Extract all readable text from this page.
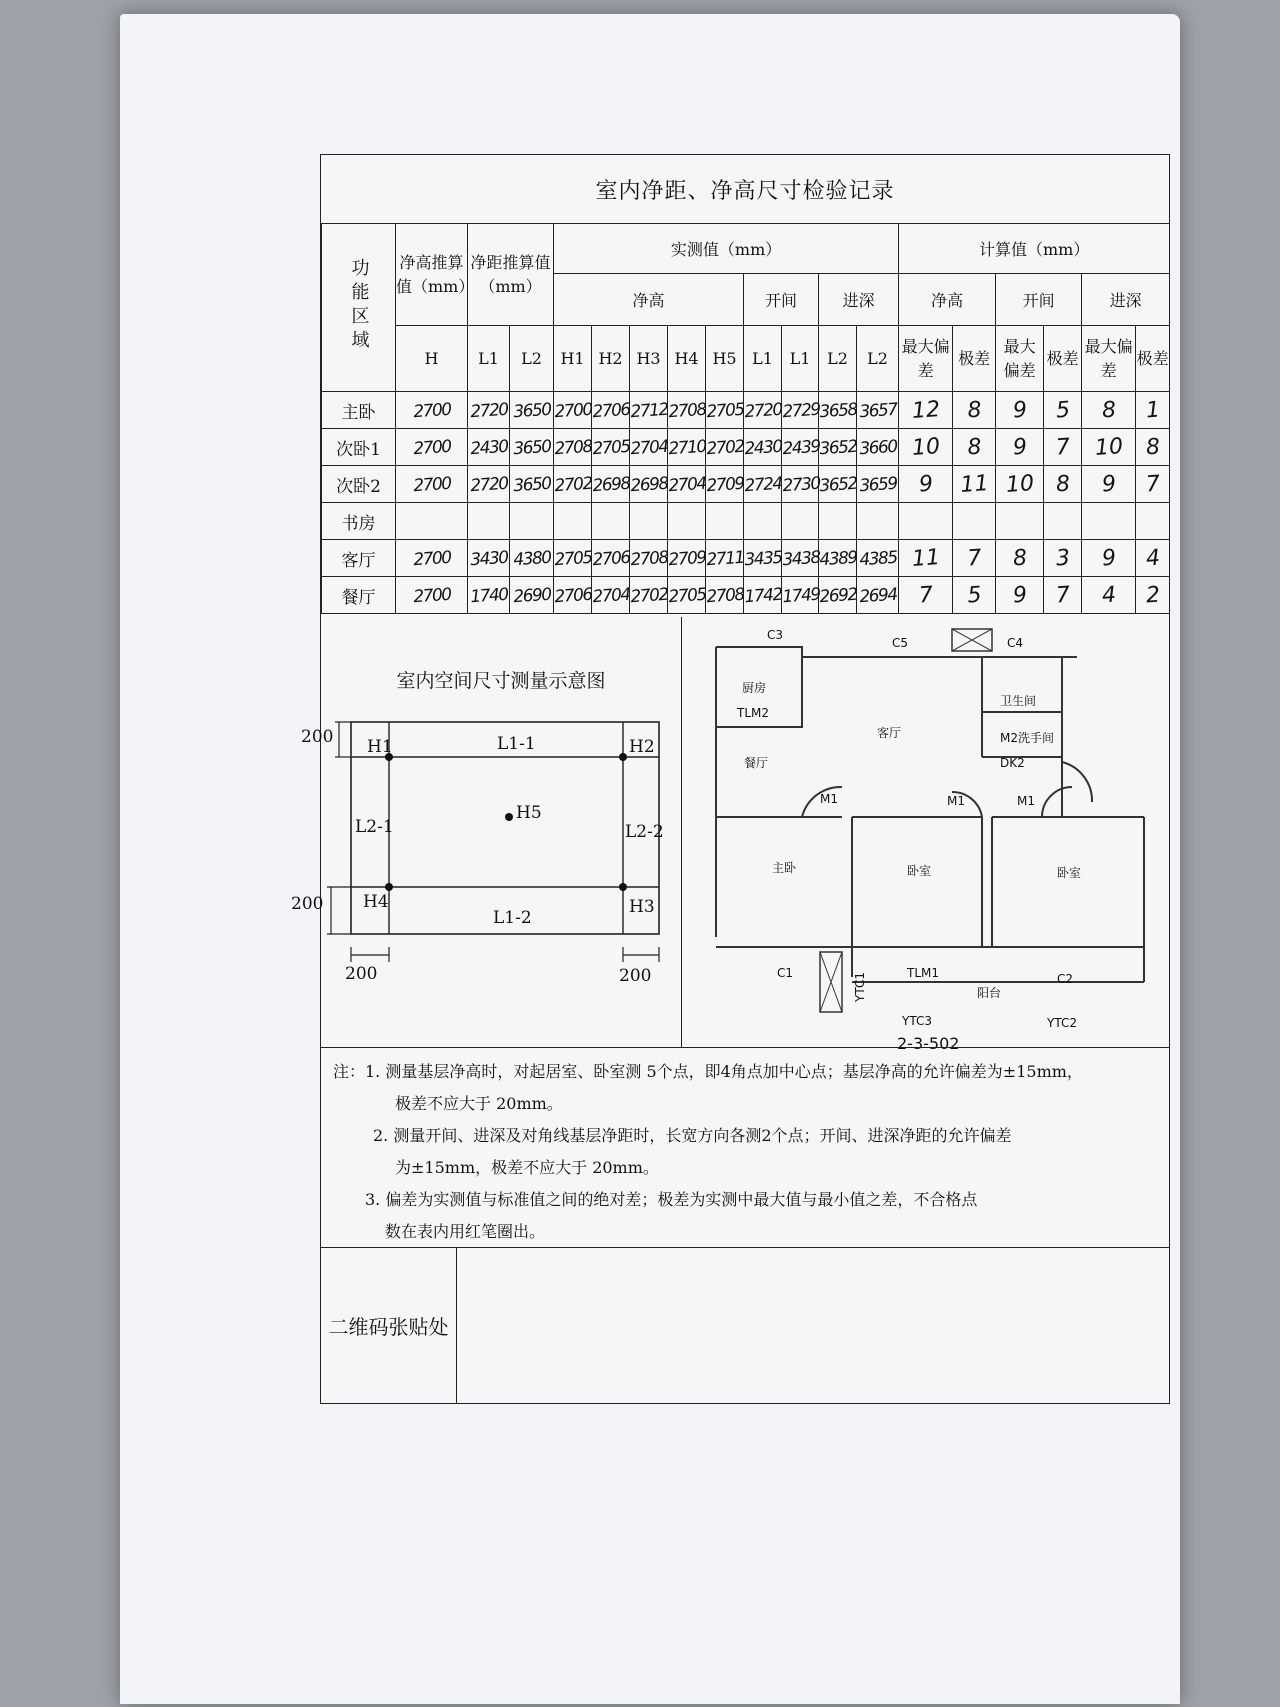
室内净距、净高尺寸检验记录
功能区域	净高推算值（mm）	净距推算值（mm）		实测值（mm）									计算值（mm）					
				净高					开间		进深		净高		开间		进深	
	H	L1	L2	H1	H2	H3	H4	H5	L1	L1	L2	L2	最大偏差	极差	最大偏差	极差	最大偏差	极差
主卧	2700	2720	3650	2700	2706	2712	2708	2705	2720	2729	3658	3657	12	8	9	5	8	1
次卧1	2700	2430	3650	2708	2705	2704	2710	2702	2430	2439	3652	3660	10	8	9	7	10	8
次卧2	2700	2720	3650	2702	2698	2698	2704	2709	2724	2730	3652	3659	9	11	10	8	9	7
书房																		
客厅	2700	3430	4380	2705	2706	2708	2709	2711	3435	3438	4389	4385	11	7	8	3	9	4
餐厅	2700	1740	2690	2706	2704	2702	2705	2708	1742	1749	2692	2694	7	5	9	7	4	2
室内空间尺寸测量示意图
H1	H2
H3
H4
H5
L1-1
L1-2
L2-1	L2-2
200
200
200	200
C3
C5	C4
厨房
TLM2
客厅
餐厅
卫生间
M2洗手间
DK2
M1	M1	M1
主卧	卧室	卧室
C1	TLM1
阳台
C2
YTC1
YTC3	YTC2
2-3-502

注：1. 测量基层净高时，对起居室、卧室测 5个点，即4角点加中心点；基层净高的允许偏差为±15mm，

极差不应大于 20mm。

2. 测量开间、进深及对角线基层净距时，长宽方向各测2个点；开间、进深净距的允许偏差

为±15mm，极差不应大于 20mm。

3. 偏差为实测值与标准值之间的绝对差；极差为实测中最大值与最小值之差，不合格点

数在表内用红笔圈出。

二维码张贴处
